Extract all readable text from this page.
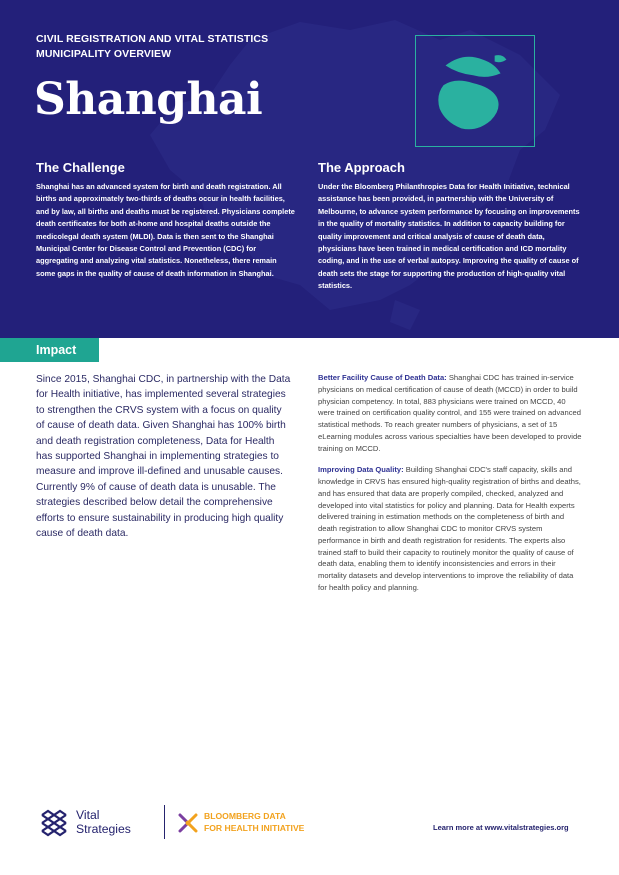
CIVIL REGISTRATION AND VITAL STATISTICS
MUNICIPALITY OVERVIEW

Shanghai
The Challenge

Shanghai has an advanced system for birth and death registration. All births and approximately two-thirds of deaths occur in health facilities, and by law, all births and deaths must be registered. Physicians complete death certificates for both at-home and hospital deaths outside the medicolegal death system (MLDI). Data is then sent to the Shanghai Municipal Center for Disease Control and Prevention (CDC) for aggregating and analyzing vital statistics. Nonetheless, there remain some gaps in the quality of cause of death information in Shanghai.

The Approach

Under the Bloomberg Philanthropies Data for Health Initiative, technical assistance has been provided, in partnership with the University of Melbourne, to advance system performance by focusing on improvements in the quality of mortality statistics. In addition to capacity building for quality improvement and critical analysis of cause of death data, physicians have been trained in medical certification and ICD mortality coding, and in the use of verbal autopsy. Improving the quality of cause of death sets the stage for supporting the production of high-quality vital statistics.

Impact

Since 2015, Shanghai CDC, in partnership with the Data for Health initiative, has implemented several strategies to strengthen the CRVS system with a focus on quality of cause of death data. Given Shanghai has 100% birth and death registration completeness, Data for Health has supported Shanghai in implementing strategies to measure and improve ill-defined and unusable causes. Currently 9% of cause of death data is unusable. The strategies described below detail the comprehensive efforts to ensure sustainability in producing high quality cause of death data.

Better Facility Cause of Death Data: Shanghai CDC has trained in-service physicians on medical certification of cause of death (MCCD) in order to build physician competency. In total, 883 physicians were trained on MCCD, 40 were trained on certification quality control, and 155 were trained on advanced statistical methods. To reach greater numbers of physicians, a set of 15 eLearning modules across various specialties have been developed to provide training on MCCD.

Improving Data Quality: Building Shanghai CDC's staff capacity, skills and knowledge in CRVS has ensured high-quality registration of births and deaths, and has ensured that data are properly compiled, checked, analyzed and developed into vital statistics for policy and planning. Data for Health experts delivered training in estimation methods on the completeness of birth and death registration to allow Shanghai CDC to monitor CRVS system performance in birth and death registration for residents. The experts also trained staff to build their capacity to routinely monitor the quality of cause of death data, enabling them to identify inconsistencies and errors in their mortality datasets and develop interventions to improve the reliability of data for health policy and planning.

Vital
Strategies
BLOOMBERG DATA
FOR HEALTH INITIATIVE	Learn more at www.vitalstrategies.org
